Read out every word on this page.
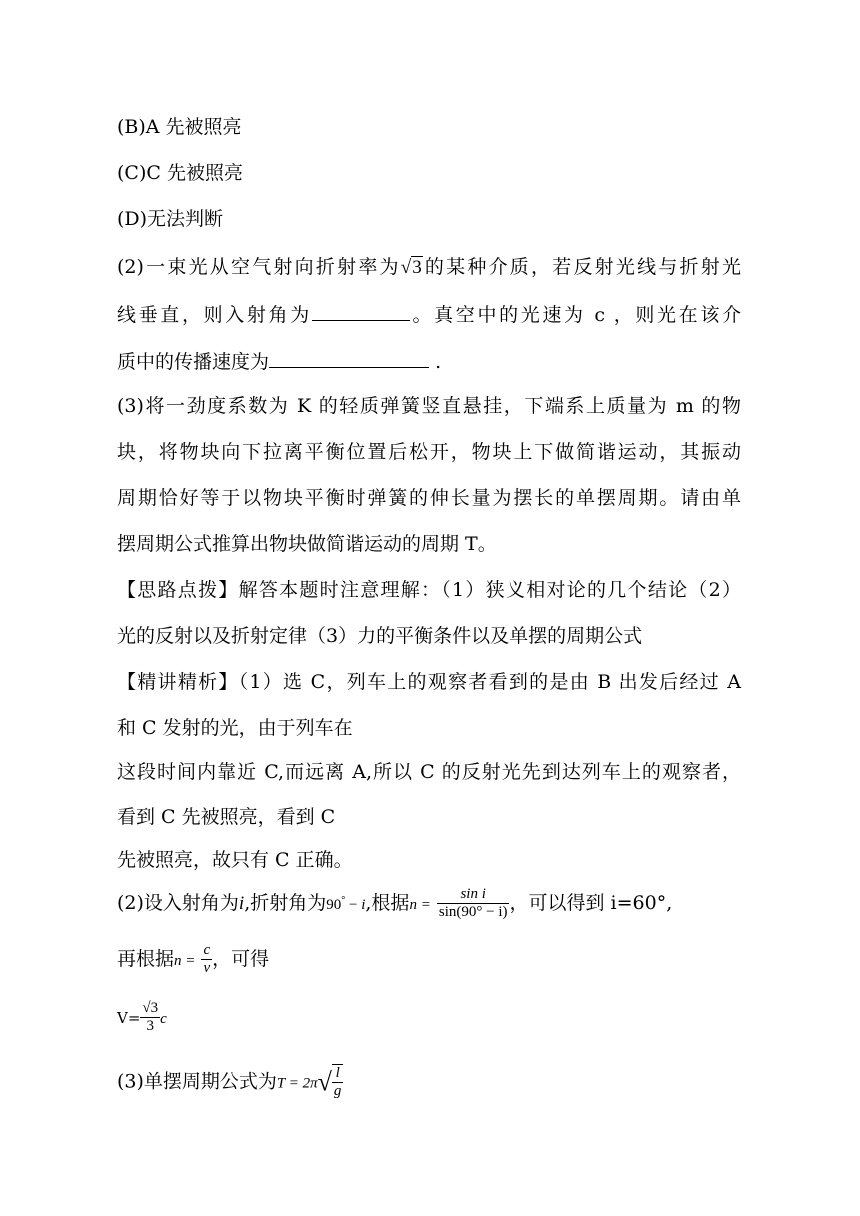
(B)A 先被照亮
(C)C 先被照亮
(D)无法判断
(2)一束光从空气射向折射率为√3的某种介质，若反射光线与折射光
线垂直，则入射角为	。真空中的光速为 c ，则光在该介
质中的传播速度为	.
(3)将一劲度系数为 K 的轻质弹簧竖直悬挂，下端系上质量为 m 的物
块，将物块向下拉离平衡位置后松开，物块上下做简谐运动，其振动
周期恰好等于以物块平衡时弹簧的伸长量为摆长的单摆周期。请由单
摆周期公式推算出物块做简谐运动的周期 T。
【思路点拨】解答本题时注意理解：（1）狭义相对论的几个结论（2）
光的反射以及折射定律（3）力的平衡条件以及单摆的周期公式
【精讲精析】（1）选 C，列车上的观察者看到的是由 B 出发后经过 A
和 C 发射的光，由于列车在
这段时间内靠近 C,而远离 A,所以 C 的反射光先到达列车上的观察者，
看到 C 先被照亮，看到 C
先被照亮，故只有 C 正确。
(2)设入射角为i,折射角为90° − i,根据$n = \frac{\text{sin i}}{\sin(90^\circ - i)}$ ，可以得到 i=60°,
再根据$n = \frac{c}{v}$ ，可得
$V= \frac{√3}{3}$ c
(3)单摆周期公式为$T = 2\pi√ \frac{l}{g}$
